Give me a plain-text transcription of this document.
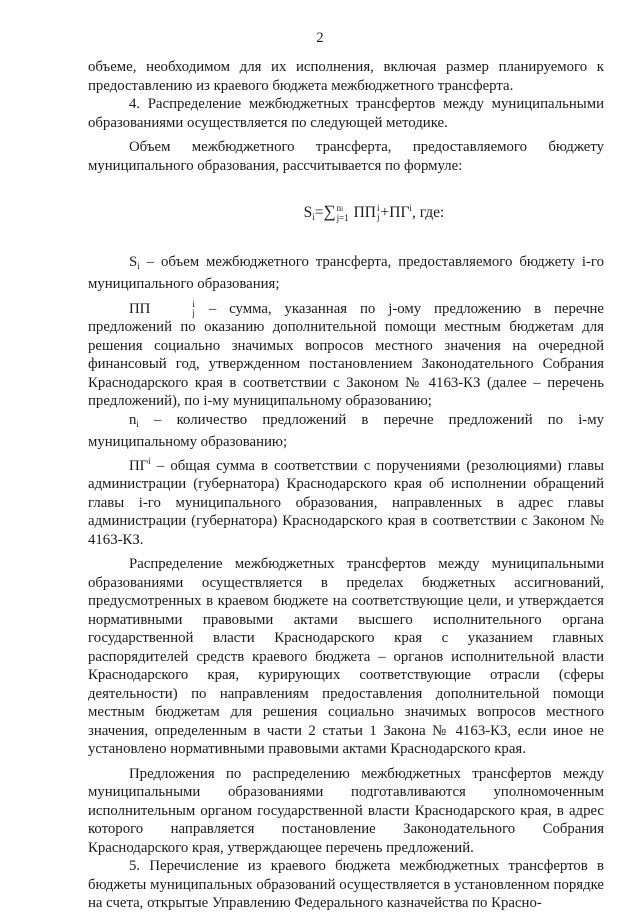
2

объеме, необходимом для их исполнения, включая размер планируемого к предоставлению из краевого бюджета межбюджетного трансферта.

4. Распределение межбюджетных трансфертов между муниципальными образованиями осуществляется по следующей методике.

Объем межбюджетного трансферта, предоставляемого бюджету муниципального образования, рассчитывается по формуле:

$S_i=\sum$ ni
j=1 ПП i
$j +ПГ^i$, где:

$S_i$ – объем межбюджетного трансферта, предоставляемого бюджету i-го муниципального образования;

ПП	i
j – сумма, указанная по j-ому предложению в перечне предложений по оказанию дополнительной помощи местным бюджетам для решения социально значимых вопросов местного значения на очередной финансовый год, утвержденном постановлением Законодательного Собрания Краснодарского края в соответствии с Законом № 4163-КЗ (далее – перечень предложений), по i-му муниципальному образованию;

$n_i$ – количество предложений в перечне предложений по i-му муниципальному образованию;

$ПГ^i$ – общая сумма в соответствии с поручениями (резолюциями) главы администрации (губернатора) Краснодарского края об исполнении обращений главы i-го муниципального образования, направленных в адрес главы администрации (губернатора) Краснодарского края в соответствии с Законом № 4163-КЗ.

Распределение межбюджетных трансфертов между муниципальными образованиями осуществляется в пределах бюджетных ассигнований, предусмотренных в краевом бюджете на соответствующие цели, и утверждается нормативными правовыми актами высшего исполнительного органа государственной власти Краснодарского края с указанием главных распорядителей средств краевого бюджета – органов исполнительной власти Краснодарского края, курирующих соответствующие отрасли (сферы деятельности) по направлениям предоставления дополнительной помощи местным бюджетам для решения социально значимых вопросов местного значения, определенным в части 2 статьи 1 Закона № 4163-КЗ, если иное не установлено нормативными правовыми актами Краснодарского края.

Предложения по распределению межбюджетных трансфертов между муниципальными образованиями подготавливаются уполномоченным исполнительным органом государственной власти Краснодарского края, в адрес которого направляется постановление Законодательного Собрания Краснодарского края, утверждающее перечень предложений.

5. Перечисление из краевого бюджета межбюджетных трансфертов в бюджеты муниципальных образований осуществляется в установленном порядке на счета, открытые Управлению Федерального казначейства по Красно-
